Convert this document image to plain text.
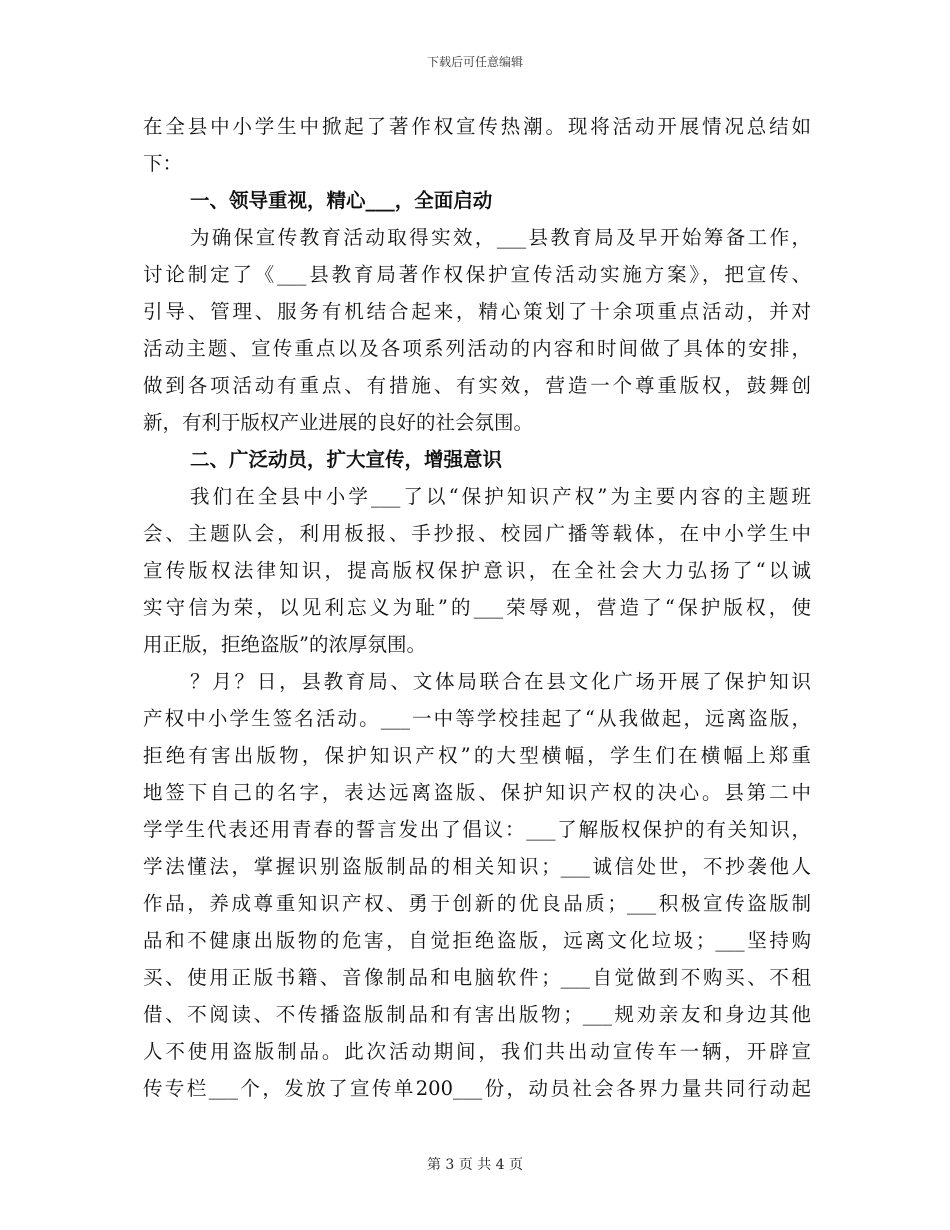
下载后可任意编辑
在全县中小学生中掀起了著作权宣传热潮。现将活动开展情况总结如
下：
一、领导重视，精心___，全面启动
为确保宣传教育活动取得实效，___县教育局及早开始筹备工作，
讨论制定了《___县教育局著作权保护宣传活动实施方案》，把宣传、
引导、管理、服务有机结合起来，精心策划了十余项重点活动，并对
活动主题、宣传重点以及各项系列活动的内容和时间做了具体的安排，
做到各项活动有重点、有措施、有实效，营造一个尊重版权，鼓舞创
新，有利于版权产业进展的良好的社会氛围。
二、广泛动员，扩大宣传，增强意识
我们在全县中小学___了以“保护知识产权”为主要内容的主题班
会、主题队会，利用板报、手抄报、校园广播等载体，在中小学生中
宣传版权法律知识，提高版权保护意识，在全社会大力弘扬了“以诚
实守信为荣，以见利忘义为耻”的___荣辱观，营造了“保护版权，使
用正版，拒绝盗版”的浓厚氛围。
？月？日，县教育局、文体局联合在县文化广场开展了保护知识
产权中小学生签名活动。___一中等学校挂起了“从我做起，远离盗版，
拒绝有害出版物，保护知识产权”的大型横幅，学生们在横幅上郑重
地签下自己的名字，表达远离盗版、保护知识产权的决心。县第二中
学学生代表还用青春的誓言发出了倡议：___了解版权保护的有关知识，
学法懂法，掌握识别盗版制品的相关知识；___诚信处世，不抄袭他人
作品，养成尊重知识产权、勇于创新的优良品质；___积极宣传盗版制
品和不健康出版物的危害，自觉拒绝盗版，远离文化垃圾；___坚持购
买、使用正版书籍、音像制品和电脑软件；___自觉做到不购买、不租
借、不阅读、不传播盗版制品和有害出版物；___规劝亲友和身边其他
人不使用盗版制品。此次活动期间，我们共出动宣传车一辆，开辟宣
传专栏___个，发放了宣传单200___份，动员社会各界力量共同行动起
第 3 页 共 4 页
